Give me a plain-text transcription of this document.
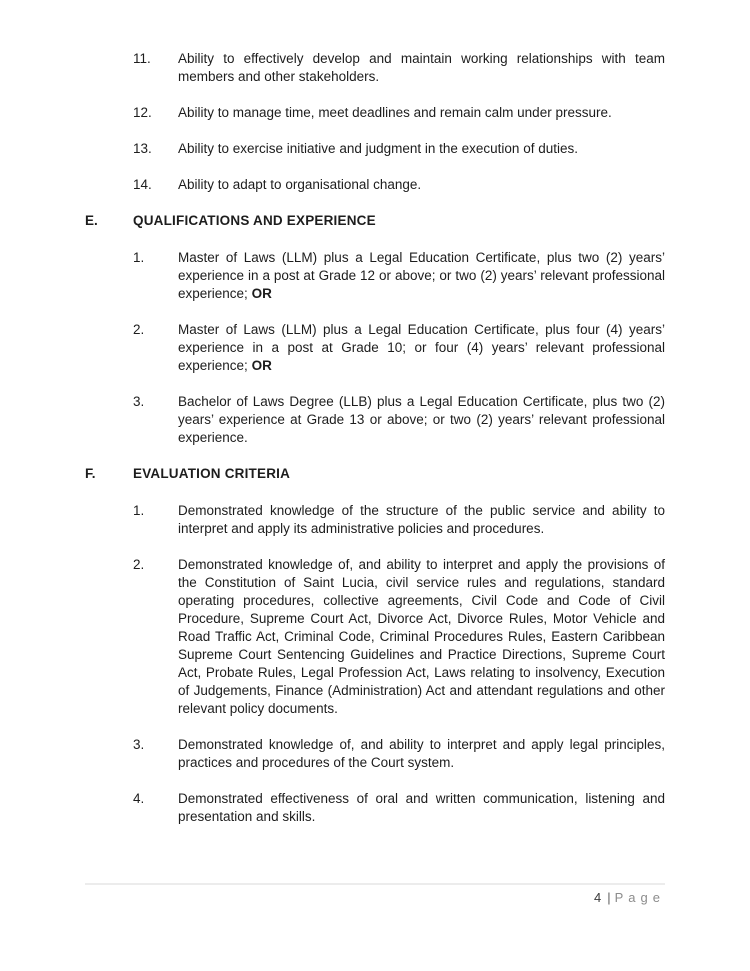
11.	Ability to effectively develop and maintain working relationships with team members and other stakeholders.

12.	Ability to manage time, meet deadlines and remain calm under pressure.

13.	Ability to exercise initiative and judgment in the execution of duties.

14.	Ability to adapt to organisational change.

E.	QUALIFICATIONS AND EXPERIENCE
1.	Master of Laws (LLM) plus a Legal Education Certificate, plus two (2) years’ experience in a post at Grade 12 or above; or two (2) years’ relevant professional experience; OR

2.	Master of Laws (LLM) plus a Legal Education Certificate, plus four (4) years’ experience in a post at Grade 10; or four (4) years’ relevant professional experience; OR

3.	Bachelor of Laws Degree (LLB) plus a Legal Education Certificate, plus two (2) years’ experience at Grade 13 or above; or two (2) years’ relevant professional experience.

F.	EVALUATION CRITERIA
1.	Demonstrated knowledge of the structure of the public service and ability to interpret and apply its administrative policies and procedures.

2.	Demonstrated knowledge of, and ability to interpret and apply the provisions of the Constitution of Saint Lucia, civil service rules and regulations, standard operating procedures, collective agreements, Civil Code and Code of Civil Procedure, Supreme Court Act, Divorce Act, Divorce Rules, Motor Vehicle and Road Traffic Act, Criminal Code, Criminal Procedures Rules, Eastern Caribbean Supreme Court Sentencing Guidelines and Practice Directions, Supreme Court Act, Probate Rules, Legal Profession Act, Laws relating to insolvency, Execution of Judgements, Finance (Administration) Act and attendant regulations and other relevant policy documents.

3.	Demonstrated knowledge of, and ability to interpret and apply legal principles, practices and procedures of the Court system.

4.	Demonstrated effectiveness of oral and written communication, listening and presentation and skills.

4 | Page
